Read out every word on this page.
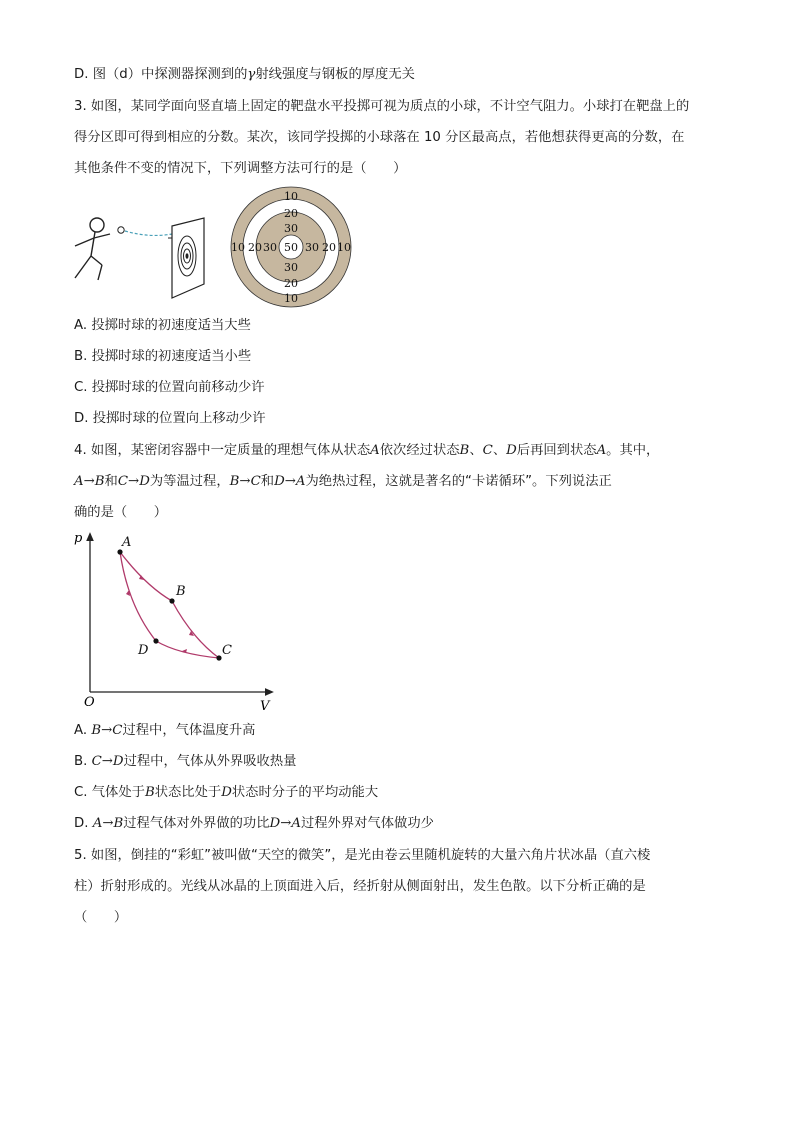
D. 图（d）中探测器探测到的γ射线强度与钢板的厚度无关
3. 如图，某同学面向竖直墙上固定的靶盘水平投掷可视为质点的小球，不计空气阻力。小球打在靶盘上的
得分区即可得到相应的分数。某次，该同学投掷的小球落在 10 分区最高点，若他想获得更高的分数，在
其他条件不变的情况下，下列调整方法可行的是（　　）
10
20
30
50
30
20
10
10 20 30	30 20 10
A. 投掷时球的初速度适当大些
B. 投掷时球的初速度适当小些
C. 投掷时球的位置向前移动少许
D. 投掷时球的位置向上移动少许
4. 如图，某密闭容器中一定质量的理想气体从状态A依次经过状态B、C、D后再回到状态A。其中，
A→B和C→D为等温过程，B→C和D→A为绝热过程，这就是著名的“卡诺循环”。下列说法正
确的是（　　）
p
V
O
A
B
C
D
A. B→C过程中，气体温度升高
B. C→D过程中，气体从外界吸收热量
C. 气体处于B状态比处于D状态时分子的平均动能大
D. A→B过程气体对外界做的功比D→A过程外界对气体做功少
5. 如图，倒挂的“彩虹”被叫做“天空的微笑”，是光由卷云里随机旋转的大量六角片状冰晶（直六棱
柱）折射形成的。光线从冰晶的上顶面进入后，经折射从侧面射出，发生色散。以下分析正确的是
（　　）
